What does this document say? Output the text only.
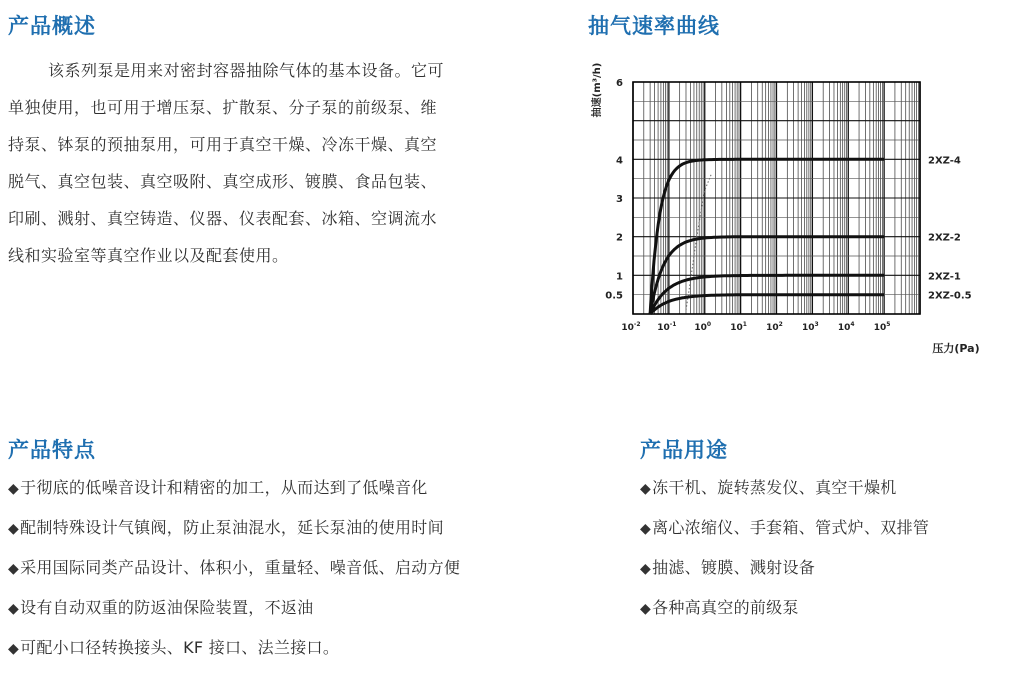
产品概述
该系列泵是用来对密封容器抽除气体的基本设备。它可
单独使用，也可用于增压泵、扩散泵、分子泵的前级泵、维
持泵、钵泵的预抽泵用，可用于真空干燥、冷冻干燥、真空
脱气、真空包装、真空吸附、真空成形、镀膜、食品包装、
印刷、溅射、真空铸造、仪器、仪表配套、冰箱、空调流水
线和实验室等真空作业以及配套使用。
抽气速率曲线
0.5
1
2
3
4
6
$10^{-2}$ $10^{-1}$ $10^0$ $10^1$ $10^2$ $10^3$ $10^4$ $10^5$
2XZ-4
2XZ-2
2XZ-1
2XZ-0.5
抽速(m³/h)
压力(Pa)
产品特点
◆于彻底的低噪音设计和精密的加工，从而达到了低噪音化
◆配制特殊设计气镇阀，防止泵油混水，延长泵油的使用时间
◆采用国际同类产品设计、体积小，重量轻、噪音低、启动方便
◆设有自动双重的防返油保险装置，不返油
◆可配小口径转换接头、KF 接口、法兰接口。
产品用途
◆冻干机、旋转蒸发仪、真空干燥机
◆离心浓缩仪、手套箱、管式炉、双排管
◆抽滤、镀膜、溅射设备
◆各种高真空的前级泵
